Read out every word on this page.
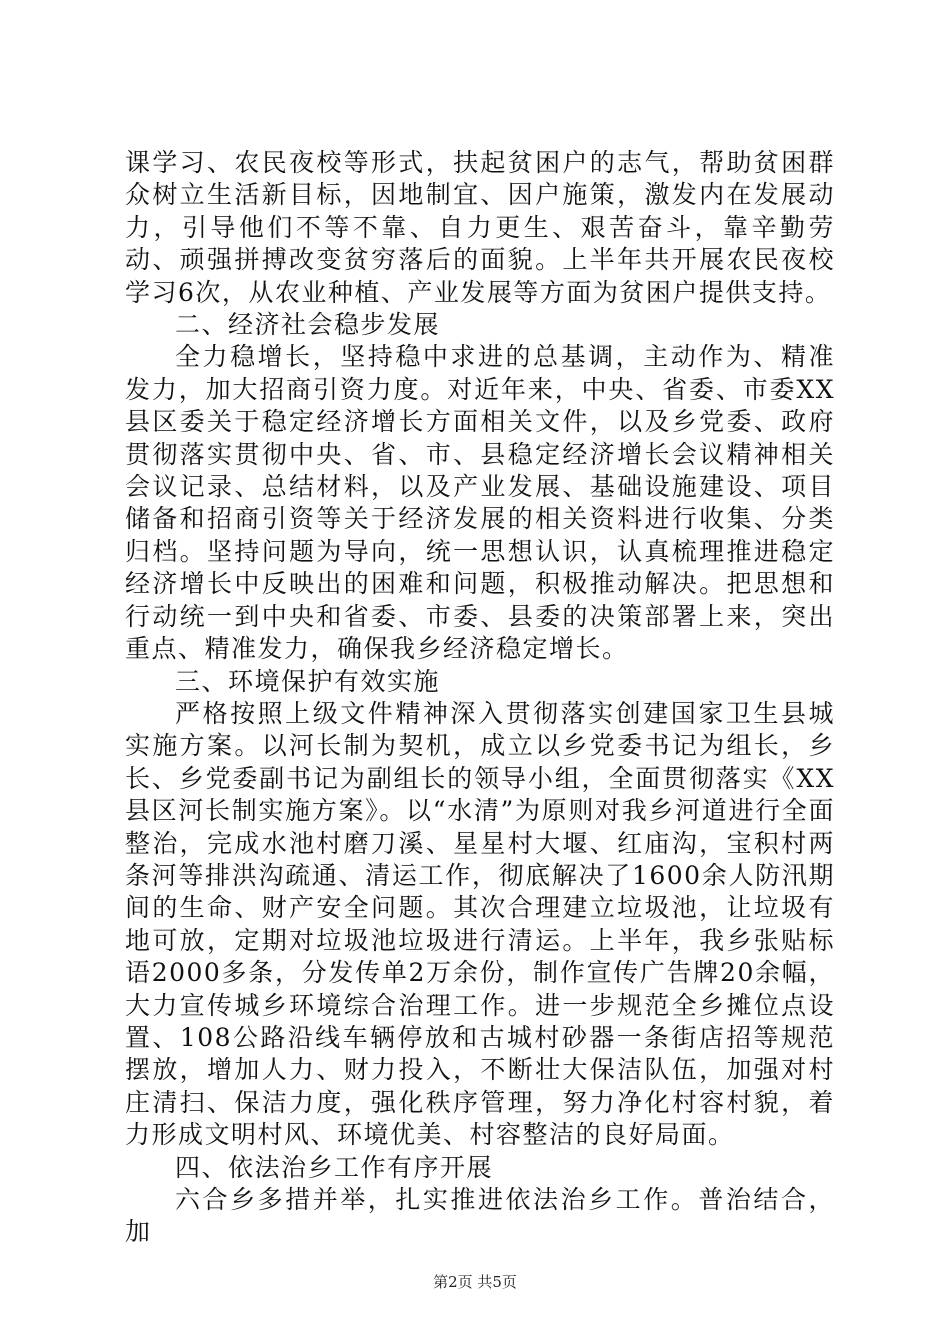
课学习、农民夜校等形式，扶起贫困户的志气，帮助贫困群众树立生活新目标，因地制宜、因户施策，激发内在发展动力，引导他们不等不靠、自力更生、艰苦奋斗，靠辛勤劳动、顽强拼搏改变贫穷落后的面貌。上半年共开展农民夜校学习6次，从农业种植、产业发展等方面为贫困户提供支持。

二、经济社会稳步发展

全力稳增长，坚持稳中求进的总基调，主动作为、精准发力，加大招商引资力度。对近年来，中央、省委、市委XX县区委关于稳定经济增长方面相关文件，以及乡党委、政府贯彻落实贯彻中央、省、市、县稳定经济增长会议精神相关会议记录、总结材料，以及产业发展、基础设施建设、项目储备和招商引资等关于经济发展的相关资料进行收集、分类归档。坚持问题为导向，统一思想认识，认真梳理推进稳定经济增长中反映出的困难和问题，积极推动解决。把思想和行动统一到中央和省委、市委、县委的决策部署上来，突出重点、精准发力，确保我乡经济稳定增长。

三、环境保护有效实施

严格按照上级文件精神深入贯彻落实创建国家卫生县城实施方案。以河长制为契机，成立以乡党委书记为组长，乡长、乡党委副书记为副组长的领导小组，全面贯彻落实《XX县区河长制实施方案》。以“水清”为原则对我乡河道进行全面整治，完成水池村磨刀溪、星星村大堰、红庙沟，宝积村两条河等排洪沟疏通、清运工作，彻底解决了1600余人防汛期间的生命、财产安全问题。其次合理建立垃圾池，让垃圾有地可放，定期对垃圾池垃圾进行清运。上半年，我乡张贴标语2000多条，分发传单2万余份，制作宣传广告牌20余幅，大力宣传城乡环境综合治理工作。进一步规范全乡摊位点设置、108公路沿线车辆停放和古城村砂器一条街店招等规范摆放，增加人力、财力投入，不断壮大保洁队伍，加强对村庄清扫、保洁力度，强化秩序管理，努力净化村容村貌，着力形成文明村风、环境优美、村容整洁的良好局面。

四、依法治乡工作有序开展

六合乡多措并举，扎实推进依法治乡工作。普治结合，加

第2页 共5页
